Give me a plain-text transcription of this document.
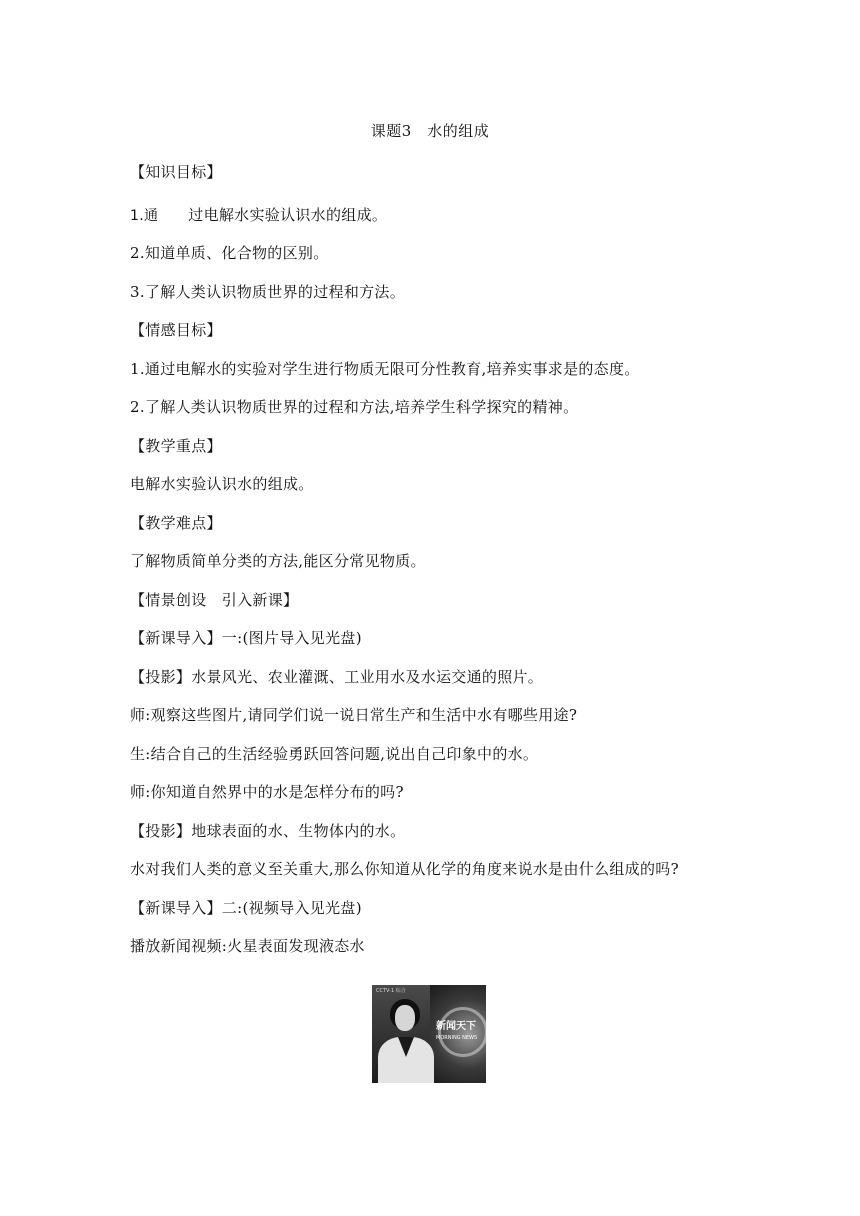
课题3　水的组成
【知识目标】
1.通 过电解水实验认识水的组成。
2.知道单质、化合物的区别。
3.了解人类认识物质世界的过程和方法。
【情感目标】
1.通过电解水的实验对学生进行物质无限可分性教育,培养实事求是的态度。
2.了解人类认识物质世界的过程和方法,培养学生科学探究的精神。
【教学重点】
电解水实验认识水的组成。
【教学难点】
了解物质简单分类的方法,能区分常见物质。
【情景创设　引入新课】
【新课导入】一:(图片导入见光盘)
【投影】水景风光、农业灌溉、工业用水及水运交通的照片。
师:观察这些图片,请同学们说一说日常生产和生活中水有哪些用途?
生:结合自己的生活经验勇跃回答问题,说出自己印象中的水。
师:你知道自然界中的水是怎样分布的吗?
【投影】地球表面的水、生物体内的水。
水对我们人类的意义至关重大,那么你知道从化学的角度来说水是由什么组成的吗?
【新课导入】二:(视频导入见光盘)
播放新闻视频:火星表面发现液态水
CCTV-1 综合
新闻天下
MORNING NEWS
